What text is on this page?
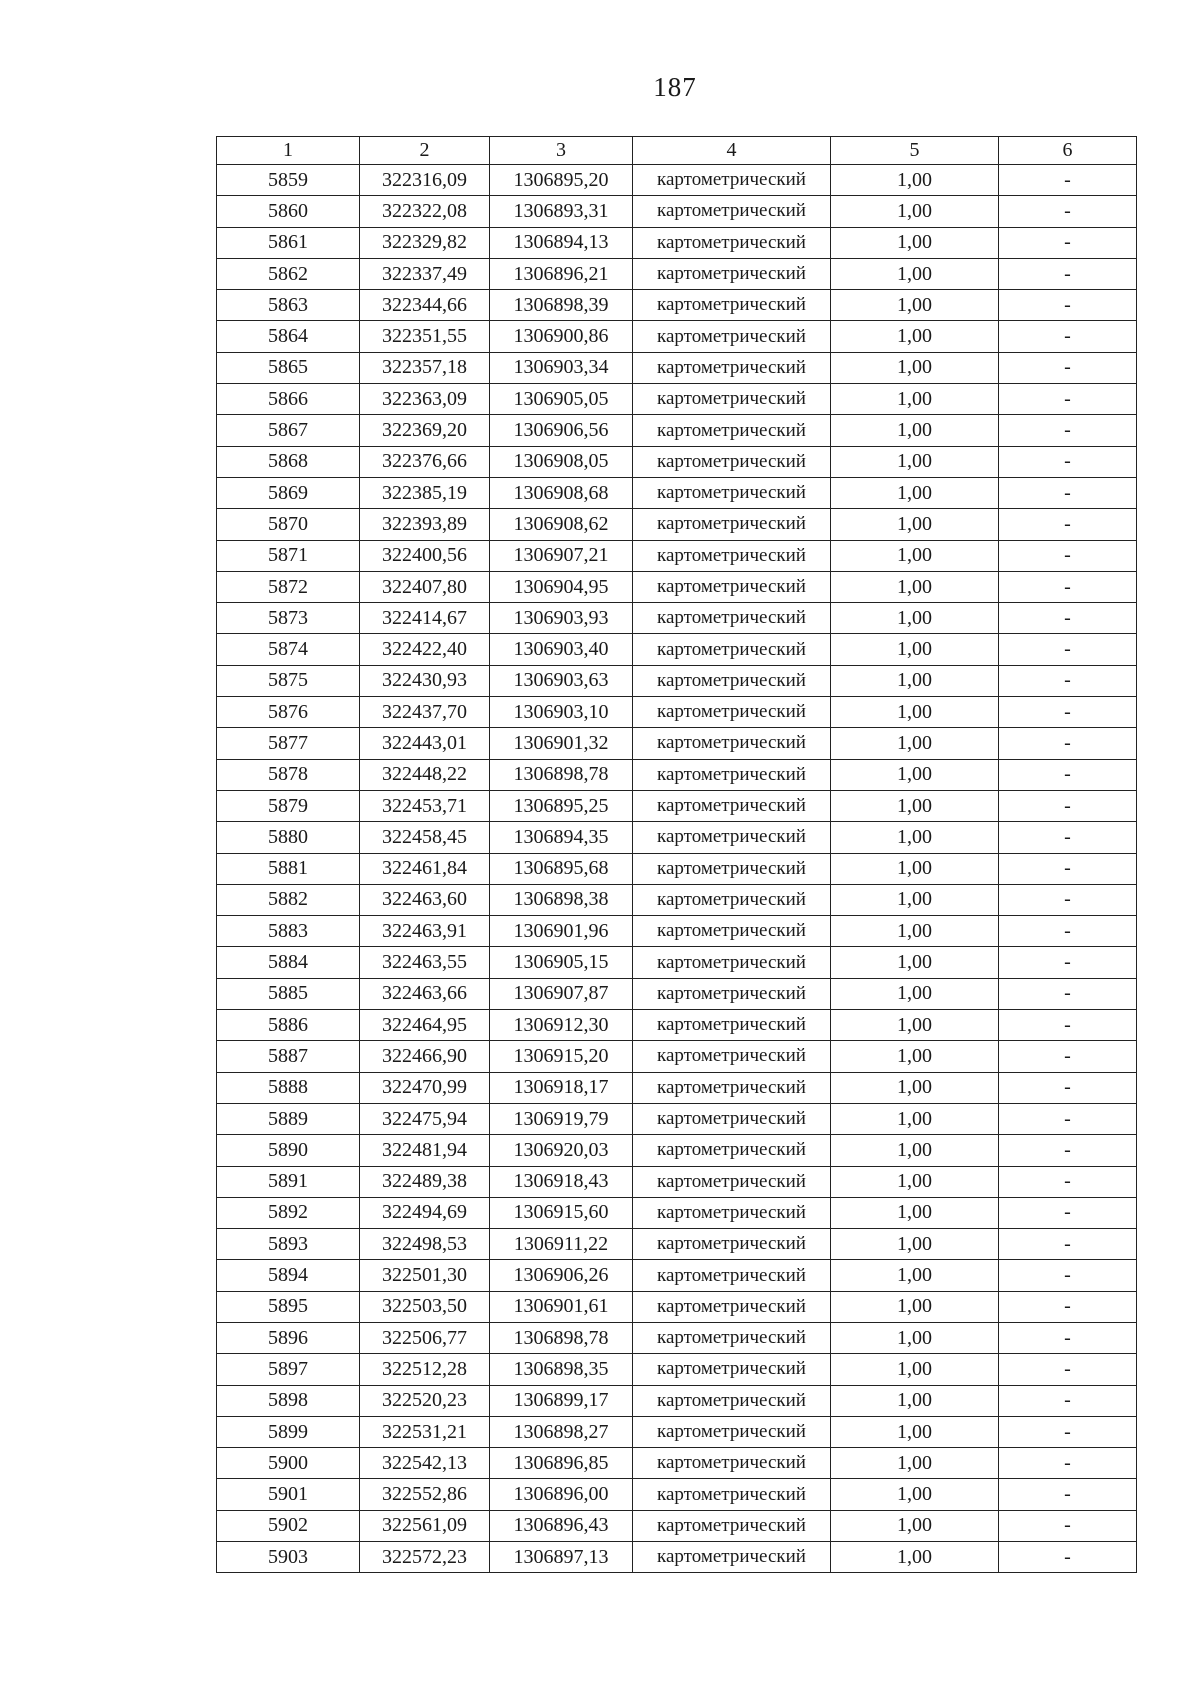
187
1	2	3	4	5	6
5859	322316,09	1306895,20	картометрический	1,00	-
5860	322322,08	1306893,31	картометрический	1,00	-
5861	322329,82	1306894,13	картометрический	1,00	-
5862	322337,49	1306896,21	картометрический	1,00	-
5863	322344,66	1306898,39	картометрический	1,00	-
5864	322351,55	1306900,86	картометрический	1,00	-
5865	322357,18	1306903,34	картометрический	1,00	-
5866	322363,09	1306905,05	картометрический	1,00	-
5867	322369,20	1306906,56	картометрический	1,00	-
5868	322376,66	1306908,05	картометрический	1,00	-
5869	322385,19	1306908,68	картометрический	1,00	-
5870	322393,89	1306908,62	картометрический	1,00	-
5871	322400,56	1306907,21	картометрический	1,00	-
5872	322407,80	1306904,95	картометрический	1,00	-
5873	322414,67	1306903,93	картометрический	1,00	-
5874	322422,40	1306903,40	картометрический	1,00	-
5875	322430,93	1306903,63	картометрический	1,00	-
5876	322437,70	1306903,10	картометрический	1,00	-
5877	322443,01	1306901,32	картометрический	1,00	-
5878	322448,22	1306898,78	картометрический	1,00	-
5879	322453,71	1306895,25	картометрический	1,00	-
5880	322458,45	1306894,35	картометрический	1,00	-
5881	322461,84	1306895,68	картометрический	1,00	-
5882	322463,60	1306898,38	картометрический	1,00	-
5883	322463,91	1306901,96	картометрический	1,00	-
5884	322463,55	1306905,15	картометрический	1,00	-
5885	322463,66	1306907,87	картометрический	1,00	-
5886	322464,95	1306912,30	картометрический	1,00	-
5887	322466,90	1306915,20	картометрический	1,00	-
5888	322470,99	1306918,17	картометрический	1,00	-
5889	322475,94	1306919,79	картометрический	1,00	-
5890	322481,94	1306920,03	картометрический	1,00	-
5891	322489,38	1306918,43	картометрический	1,00	-
5892	322494,69	1306915,60	картометрический	1,00	-
5893	322498,53	1306911,22	картометрический	1,00	-
5894	322501,30	1306906,26	картометрический	1,00	-
5895	322503,50	1306901,61	картометрический	1,00	-
5896	322506,77	1306898,78	картометрический	1,00	-
5897	322512,28	1306898,35	картометрический	1,00	-
5898	322520,23	1306899,17	картометрический	1,00	-
5899	322531,21	1306898,27	картометрический	1,00	-
5900	322542,13	1306896,85	картометрический	1,00	-
5901	322552,86	1306896,00	картометрический	1,00	-
5902	322561,09	1306896,43	картометрический	1,00	-
5903	322572,23	1306897,13	картометрический	1,00	-
